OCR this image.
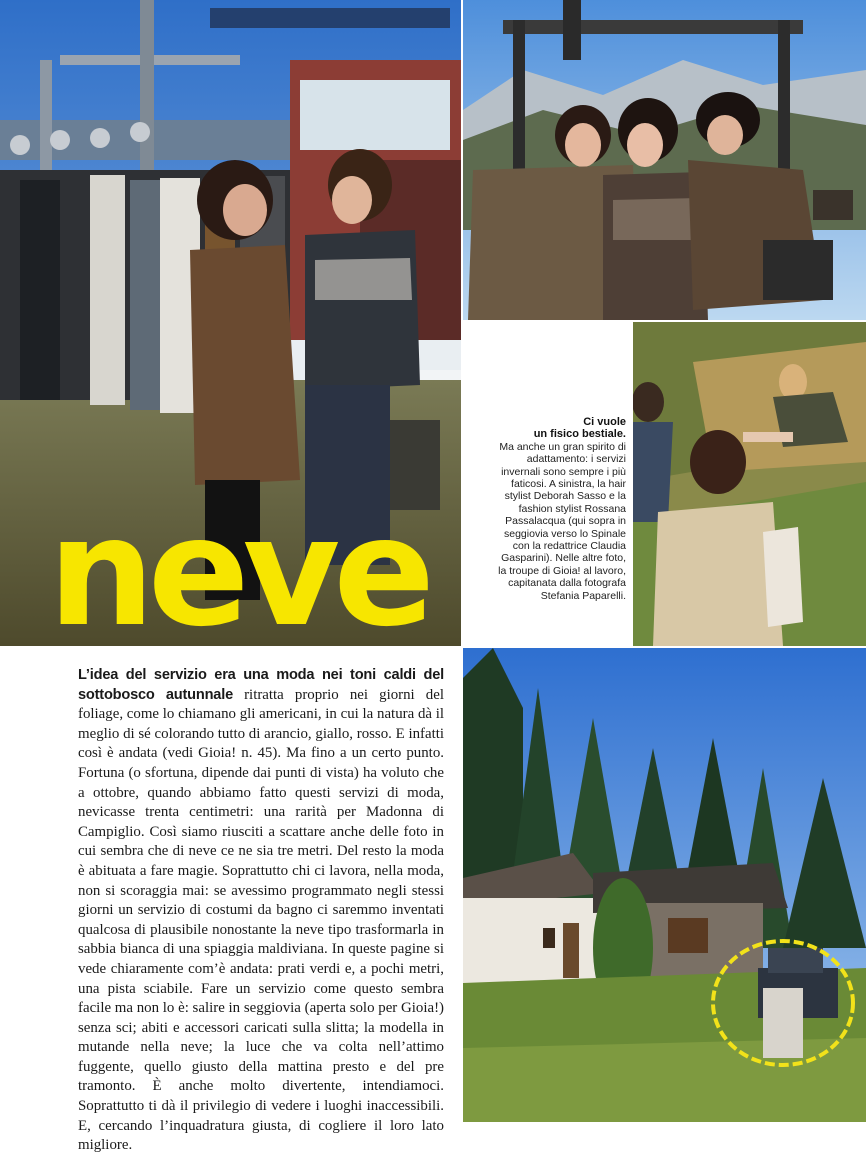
neve
Ci vuole
un fisico bestiale.
Ma anche un gran spirito di adattamento: i servizi invernali sono sempre i più faticosi. A sinistra, la hair stylist Deborah Sasso e la fashion stylist Rossana Passalacqua (qui sopra in seggiovia verso lo Spinale con la redattrice Claudia Gasparini). Nelle altre foto, la troupe di Gioia! al lavoro, capitanata dalla fotografa Stefania Paparelli.
L’idea del servizio era una moda nei toni caldi del sottobosco autunnale ritratta proprio nei giorni del foliage, come lo chiamano gli americani, in cui la natura dà il meglio di sé colorando tutto di arancio, giallo, rosso. E infatti così è andata (vedi Gioia! n. 45). Ma fino a un certo punto. Fortuna (o sfortuna, dipende dai punti di vista) ha voluto che a ottobre, quando abbiamo fatto questi servizi di moda, nevicasse trenta centimetri: una rarità per Madonna di Campiglio. Così siamo riusciti a scattare anche delle foto in cui sembra che di neve ce ne sia tre metri. Del resto la moda è abituata a fare magie. Soprattutto chi ci lavora, nella moda, non si scoraggia mai: se avessimo programmato negli stessi giorni un servizio di costumi da bagno ci saremmo inventati qualcosa di plausibile nonostante la neve tipo trasformarla in sabbia bianca di una spiaggia maldiviana. In queste pagine si vede chiaramente com’è andata: prati verdi e, a pochi metri, una pista sciabile. Fare un servizio come questo sembra facile ma non lo è: salire in seggiovia (aperta solo per Gioia!) senza sci; abiti e accessori caricati sulla slitta; la modella in mutande nella neve; la luce che va colta nell’attimo fuggente, quello giusto della mattina presto e del pre tramonto. È anche molto divertente, intendiamoci. Soprattutto ti dà il privilegio di vedere i luoghi inaccessibili. E, cercando l’inquadratura giusta, di cogliere il loro lato migliore.
